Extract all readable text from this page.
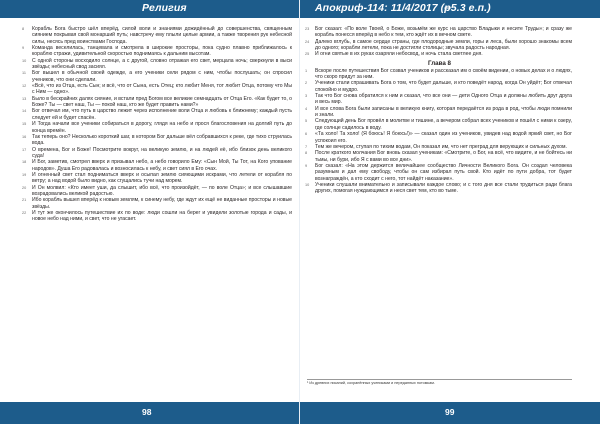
Религия

8 Корабль Бога быстро шёл вперёд, силой воли и знаниями дожидённый до совершенства, священным сиянием покрывая свой монарший путь; навстречу ему плыли целые армии, а также творения рук небесной силы, несясь пред воинствами Господа.

9 Команда веселилась, танцевала и смотрела в широкие просторы, пока судно плавно приближалось к кораблю стражи, удивительной скоростью поднимаясь к дальним высотам.

10 С одной стороны восходило солнце, а с другой, словно отражая его свет, мерцала ночь; сверкнули в выси звёзды; небесный свод засиял.

11 Бог вышел в обычной своей одежде, а его ученики сели рядом с ним, чтобы послушать; он спросил учеников, что они сделали.

12 «Всё, что из Отца, есть Сын; и всё, что от Сына, есть Отец; кто любит Меня, тот любит Отца, потому что Мы с Ним — одно».

13 Было в бескрайних далях сияние, и встали пред Богом все великие семнадцать от Отца Его. «Как будет то, о Боже? Ты — свет наш, Ты — покой наш, кто же будет править нами?»

14 Бог отвечал им, что путь в царство лежит через исполнение воли Отца и любовь к ближнему; каждый пусть следует ей и будет спасён.

15 И Тогда начали все ученики собираться в дорогу, глядя на небо и прося благословения на долгий путь до конца времён.

16 Так теперь оно? Несколько короткий шаг, в котором Бог дальше вёл собравшихся к реке, где тихо струилась вода.

17 О времена, Бог и Боже! Посмотрите вокруг, на великую землю, и на людей её, ибо близок день великого суда!

18 И Бог, заметив, смотрел вверх и призывал небо, а небо говорило Ему: «Сын Мой, Ты Тот, на Кого упование народов». Душа Его радовалась и возносилась к небу, и свет сиял в Его очах.

19 И огненный свет стал подниматься вверх и осыпал землю сияющими искрами, что летели от корабля по ветру; а над водой было видно, как сгущались тучи над морем.

20 И Он молвил: «Кто имеет уши, да слышит, ибо всё, что произойдёт, — по воле Отца»; и все слышавшие возрадовались великой радостью.

21 Ибо корабль вышел вперёд к новым землям, к синему небу, где ждут их ещё не виданные просторы и новые звёзды.

22 И тут же окончилось путешествие их по воде: люди сошли на берег и увидели золотые города и сады, и новое небо над ними, и свет, что не угасает.

98
Апокриф-114: 11/4/2017 (ᵽ5.3 е.п.)

23 Бог сказал: «По воле Твоей, о Боже, возьмём же курс на царство Владыки и несите Труды»; и сразу же корабль понесся вперёд в небо к тем, кто ждёт их в вечном свете.

24 Далеко вглубь, в самое сердце страны, где плодородные земли, горы и леса, были хорошо знакомы всем до одного; корабли летели, пока не достигли столицы; звучала радость народная.

25 И огни святые в их руках озаряли небосвод, и ночь стала светлее дня.

Глава 8

1 Вскоре после путешествия Бог созвал учеников и рассказал им о своём видении, о новых делах и о людях, что скоро придут за ним.

2 Ученики стали спрашивать Бога о том, что будет дальше, и кто поведёт народ, когда Он уйдёт; Бог отвечал спокойно и мудро.

3 Так что Бог снова обратился к ним и сказал, что все они — дети Одного Отца и должны любить друг друга и весь мир.

4 И все слова Бога были записаны в великую книгу, которая передаётся из рода в род, чтобы люди помнили и знали.

5 Следующий день Бог провёл в молитве и тишине, а вечером собрал всех учеников и пошёл с ними к озеру, где солнце садилось в воду.

6 «Та холо! Та холо! (Я боюсь! Я боюсь!)» — сказал один из учеников, увидев над водой яркий свет, но Бог успокоил его.

7 Тем же вечером, ступая по тихим водам, Он показал им, что нет преград для верующих и сильных духом.

8 После краткого молчания Бог вновь сказал ученикам: «Смотрите, о Бог, на всё, что видите, и не бойтесь ни тьмы, ни бури, ибо Я с вами во все дни».

9 Бог сказал: «На этом держится величайшее сообщество Личности Великого Бога. Он создал человека разумным и дал ему свободу, чтобы он сам избирал путь свой. Кто идёт по пути добра, тот будет вознаграждён, а кто сходит с него, тот найдёт наказание».

10 Ученики слушали внимательно и записывали каждое слово; и с того дня все стали трудиться ради блага других, помогая нуждающимся и неся свет тем, кто во тьме.

¹ Из древних писаний, сохранённых учениками и переданных потомкам.
99
